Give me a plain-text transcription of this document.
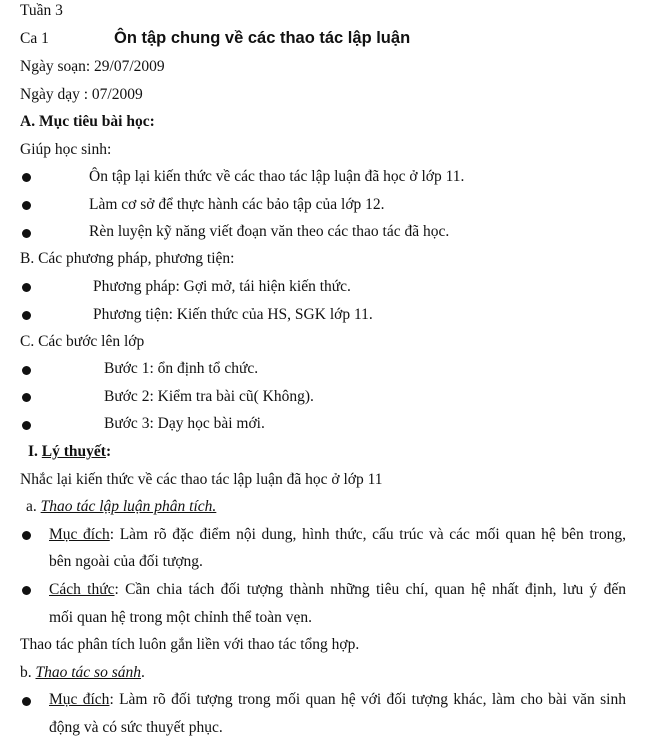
Tuần 3
Ca 1	Ôn tập chung về các thao tác lập luận
Ngày soạn: 29/07/2009
Ngày dạy : 07/2009
A. Mục tiêu bài học:
Giúp học sinh:
Ôn tập lại kiến thức về các thao tác lập luận đã học ở lớp 11.
Làm cơ sở để thực hành các bảo tập của lớp 12.
Rèn luyện kỹ năng viết đoạn văn theo các thao tác đã học.
B. Các phương pháp, phương tiện:
Phương pháp: Gợi mở, tái hiện kiến thức.
Phương tiện: Kiến thức của HS, SGK lớp 11.
C. Các bước lên lớp
Bước 1: ổn định tổ chức.
Bước 2: Kiểm tra bài cũ( Không).
Bước 3: Dạy học bài mới.
I. Lý thuyết:
Nhắc lại kiến thức về các thao tác lập luận đã học ở lớp 11
a. Thao tác lập luận phân tích.
Mục đích: Làm rõ đặc điểm nội dung, hình thức, cấu trúc và các mối quan hệ bên trong,
bên ngoài của đối tượng.
Cách thức: Cần chia tách đối tượng thành những tiêu chí, quan hệ nhất định, lưu ý đến
mối quan hệ trong một chỉnh thể toàn vẹn.
Thao tác phân tích luôn gắn liền với thao tác tổng hợp.
b. Thao tác so sánh.
Mục đích: Làm rõ đối tượng trong mối quan hệ với đối tượng khác, làm cho bài văn sinh
động và có sức thuyết phục.
